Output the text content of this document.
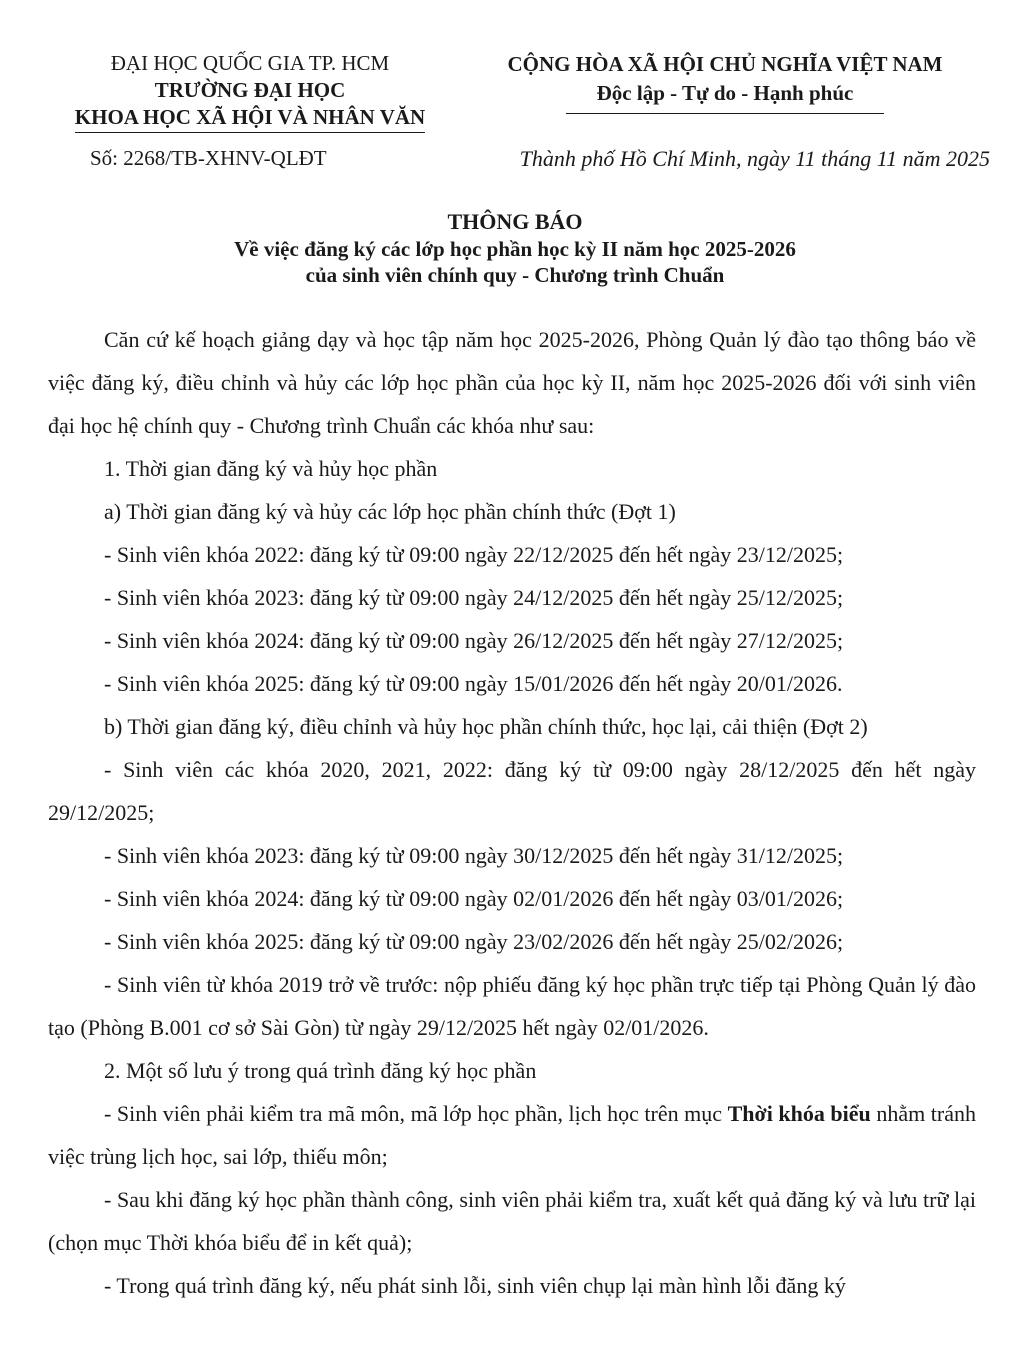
ĐẠI HỌC QUỐC GIA TP. HCM
TRƯỜNG ĐẠI HỌC
KHOA HỌC XÃ HỘI VÀ NHÂN VĂN
CỘNG HÒA XÃ HỘI CHỦ NGHĨA VIỆT NAM
Độc lập - Tự do - Hạnh phúc
Số: 2268/TB-XHNV-QLĐT	Thành phố Hồ Chí Minh, ngày 11 tháng 11 năm 2025
THÔNG BÁO
Về việc đăng ký các lớp học phần học kỳ II năm học 2025-2026
của sinh viên chính quy - Chương trình Chuẩn

Căn cứ kế hoạch giảng dạy và học tập năm học 2025-2026, Phòng Quản lý đào tạo thông báo về việc đăng ký, điều chỉnh và hủy các lớp học phần của học kỳ II, năm học 2025-2026 đối với sinh viên đại học hệ chính quy - Chương trình Chuẩn các khóa như sau:

1. Thời gian đăng ký và hủy học phần

a) Thời gian đăng ký và hủy các lớp học phần chính thức (Đợt 1)

- Sinh viên khóa 2022: đăng ký từ 09:00 ngày 22/12/2025 đến hết ngày 23/12/2025;

- Sinh viên khóa 2023: đăng ký từ 09:00 ngày 24/12/2025 đến hết ngày 25/12/2025;

- Sinh viên khóa 2024: đăng ký từ 09:00 ngày 26/12/2025 đến hết ngày 27/12/2025;

- Sinh viên khóa 2025: đăng ký từ 09:00 ngày 15/01/2026 đến hết ngày 20/01/2026.

b) Thời gian đăng ký, điều chỉnh và hủy học phần chính thức, học lại, cải thiện (Đợt 2)

- Sinh viên các khóa 2020, 2021, 2022: đăng ký từ 09:00 ngày 28/12/2025 đến hết ngày 29/12/2025;

- Sinh viên khóa 2023: đăng ký từ 09:00 ngày 30/12/2025 đến hết ngày 31/12/2025;

- Sinh viên khóa 2024: đăng ký từ 09:00 ngày 02/01/2026 đến hết ngày 03/01/2026;

- Sinh viên khóa 2025: đăng ký từ 09:00 ngày 23/02/2026 đến hết ngày 25/02/2026;

- Sinh viên từ khóa 2019 trở về trước: nộp phiếu đăng ký học phần trực tiếp tại Phòng Quản lý đào tạo (Phòng B.001 cơ sở Sài Gòn) từ ngày 29/12/2025 hết ngày 02/01/2026.

2. Một số lưu ý trong quá trình đăng ký học phần

- Sinh viên phải kiểm tra mã môn, mã lớp học phần, lịch học trên mục Thời khóa biểu nhằm tránh việc trùng lịch học, sai lớp, thiếu môn;

- Sau khi đăng ký học phần thành công, sinh viên phải kiểm tra, xuất kết quả đăng ký và lưu trữ lại (chọn mục Thời khóa biểu để in kết quả);

- Trong quá trình đăng ký, nếu phát sinh lỗi, sinh viên chụp lại màn hình lỗi đăng ký
